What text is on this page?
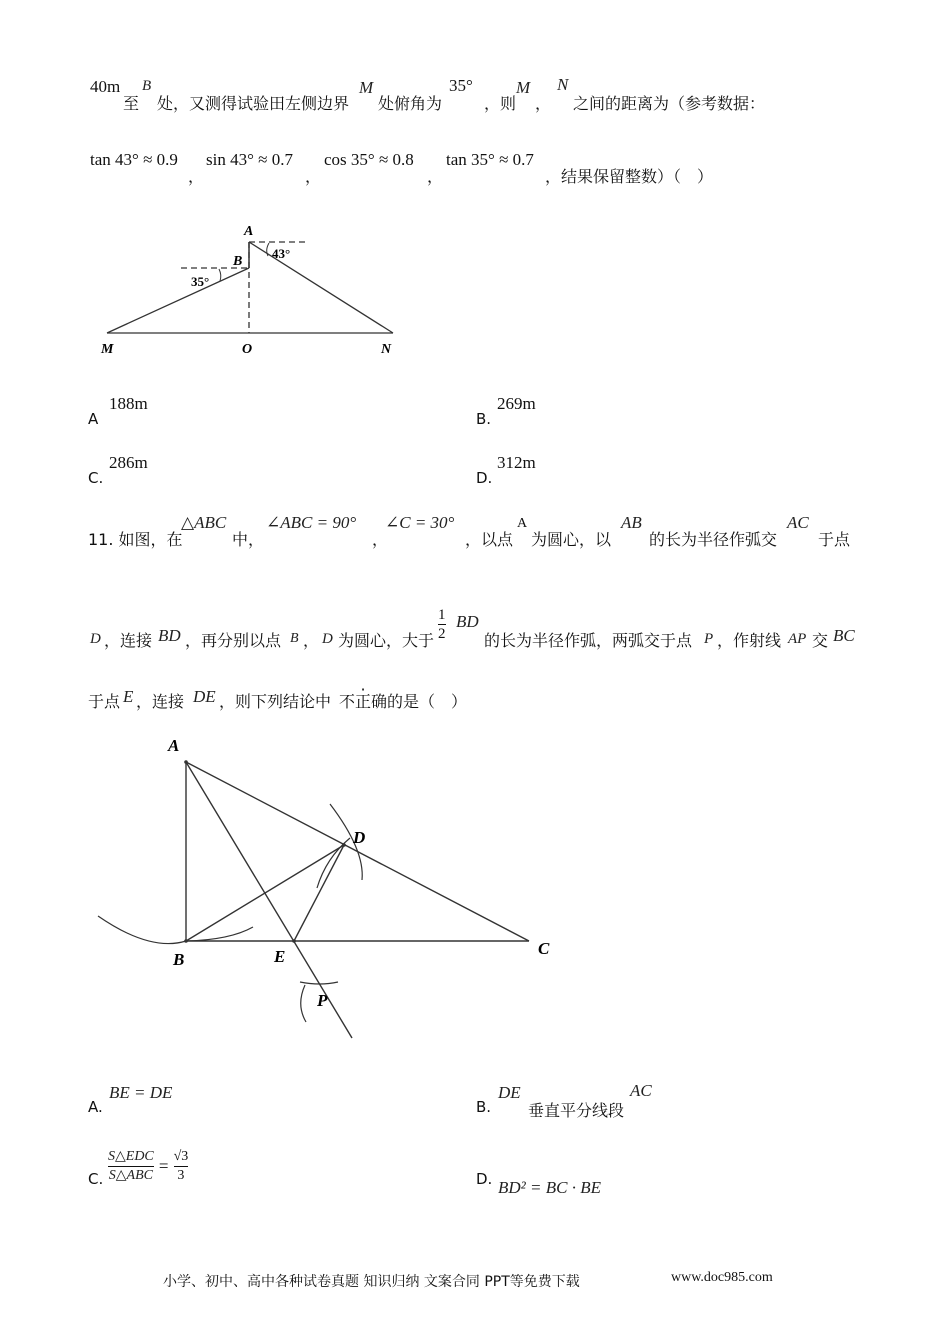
40m
至
B
处，又测得试验田左侧边界
M
处俯角为
35°
，则
M
，
N
之间的距离为（参考数据：
tan 43° ≈ 0.9
，
sin 43° ≈ 0.7
，
cos 35° ≈ 0.8
，
tan 35° ≈ 0.7
，结果保留整数）（　）
A
B
M	O	N
43°
35°
A
188m
B.
269m
C.
286m
D.
312m
11. 如图，在
△ABC
中，
∠ABC = 90°
，
∠C = 30°
，以点
A
为圆心，以
AB
的长为半径作弧交
AC
于点
D ，连接 BD ，再分别以点 B ， D 为圆心，大于 $\frac{1}{2}$ BD
的长为半径作弧，两弧交于点 P ，作射线 AP 交 BC
于点 E ，连接 DE ，则下列结论中 不正确 的是（　）
A
B
C
D
E
P
A.
BE = DE
B.
DE
垂直平分线段
AC
C. $\frac{\text{S△EDC}}{\text{S△ABC}} = \frac{√3}{3}$	D. BD² = BC · BE
小学、初中、高中各种试卷真题 知识归纳 文案合同 PPT等免费下载	www.doc985.com
